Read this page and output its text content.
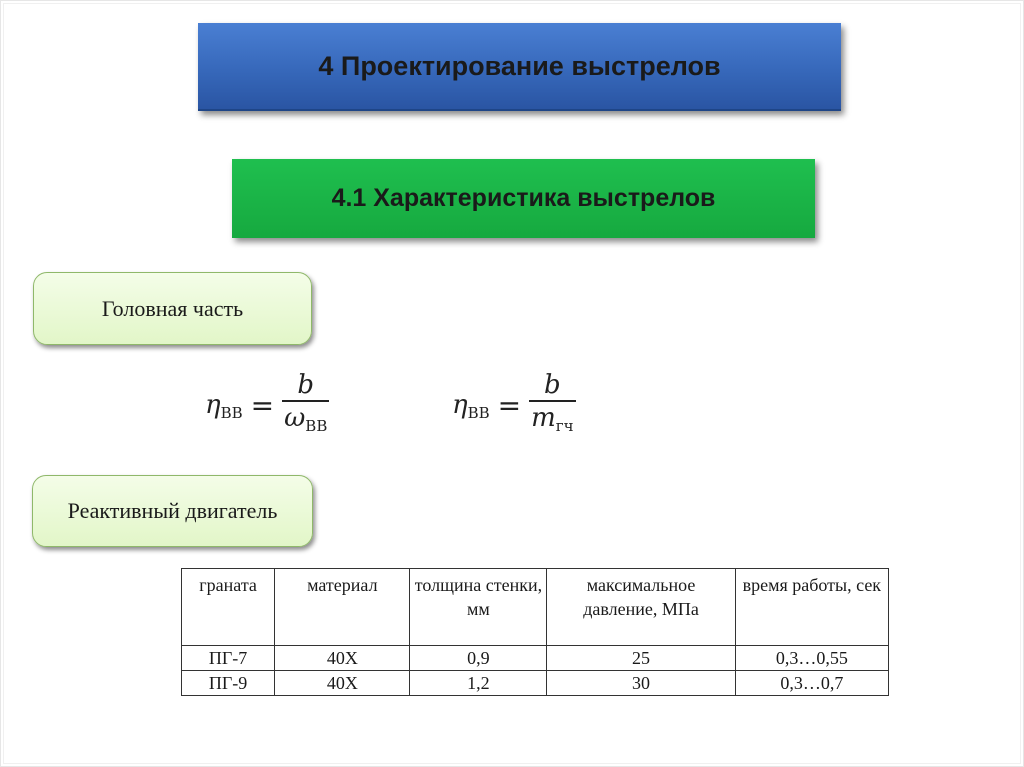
4 Проектирование выстрелов
4.1 Характеристика выстрелов
Головная часть
$\eta_{ВВ} = \frac{b}{\omega_{ВВ}}$	$\eta_{ВВ} = \frac{b}{m_{гч}}$
Реактивный двигатель
граната	материал	толщина стенки, мм	максимальное давление, МПа	время работы, сек
ПГ-7	40Х	0,9	25	0,3…0,55
ПГ-9	40Х	1,2	30	0,3…0,7
